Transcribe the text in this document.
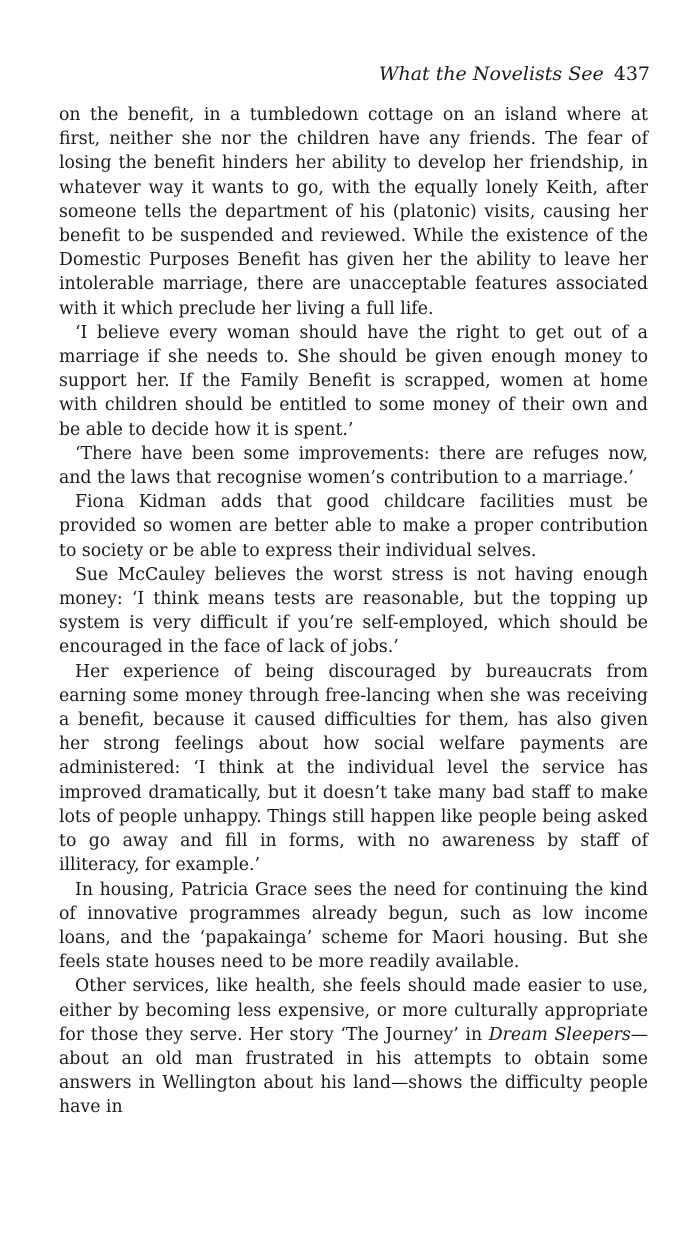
What the Novelists See 437

on the benefit, in a tumbledown cottage on an island where at first, neither she nor the children have any friends. The fear of losing the benefit hinders her ability to develop her friendship, in whatever way it wants to go, with the equally lonely Keith, after someone tells the department of his (platonic) visits, causing her benefit to be suspended and reviewed. While the existence of the Domestic Purposes Benefit has given her the ability to leave her intolerable marriage, there are unacceptable features associated with it which preclude her living a full life.

‘I believe every woman should have the right to get out of a marriage if she needs to. She should be given enough money to support her. If the Family Benefit is scrapped, women at home with children should be entitled to some money of their own and be able to decide how it is spent.’

‘There have been some improvements: there are refuges now, and the laws that recognise women’s contribution to a marriage.’

Fiona Kidman adds that good childcare facilities must be provided so women are better able to make a proper contribution to society or be able to express their individual selves.

Sue McCauley believes the worst stress is not having enough money: ‘I think means tests are reasonable, but the topping up system is very difficult if you’re self-employed, which should be encouraged in the face of lack of jobs.’

Her experience of being discouraged by bureaucrats from earning some money through free-lancing when she was receiving a benefit, because it caused difficulties for them, has also given her strong feelings about how social welfare payments are administered: ‘I think at the individual level the service has improved dramatically, but it doesn’t take many bad staff to make lots of people unhappy. Things still happen like people being asked to go away and fill in forms, with no awareness by staff of illiteracy, for example.’

In housing, Patricia Grace sees the need for continuing the kind of innovative programmes already begun, such as low income loans, and the ‘papakainga’ scheme for Maori housing. But she feels state houses need to be more readily available.

Other services, like health, she feels should made easier to use, either by becoming less expensive, or more culturally appropriate for those they serve. Her story ‘The Journey’ in Dream Sleepers— about an old man frustrated in his attempts to obtain some answers in Wellington about his land—shows the difficulty people have in
